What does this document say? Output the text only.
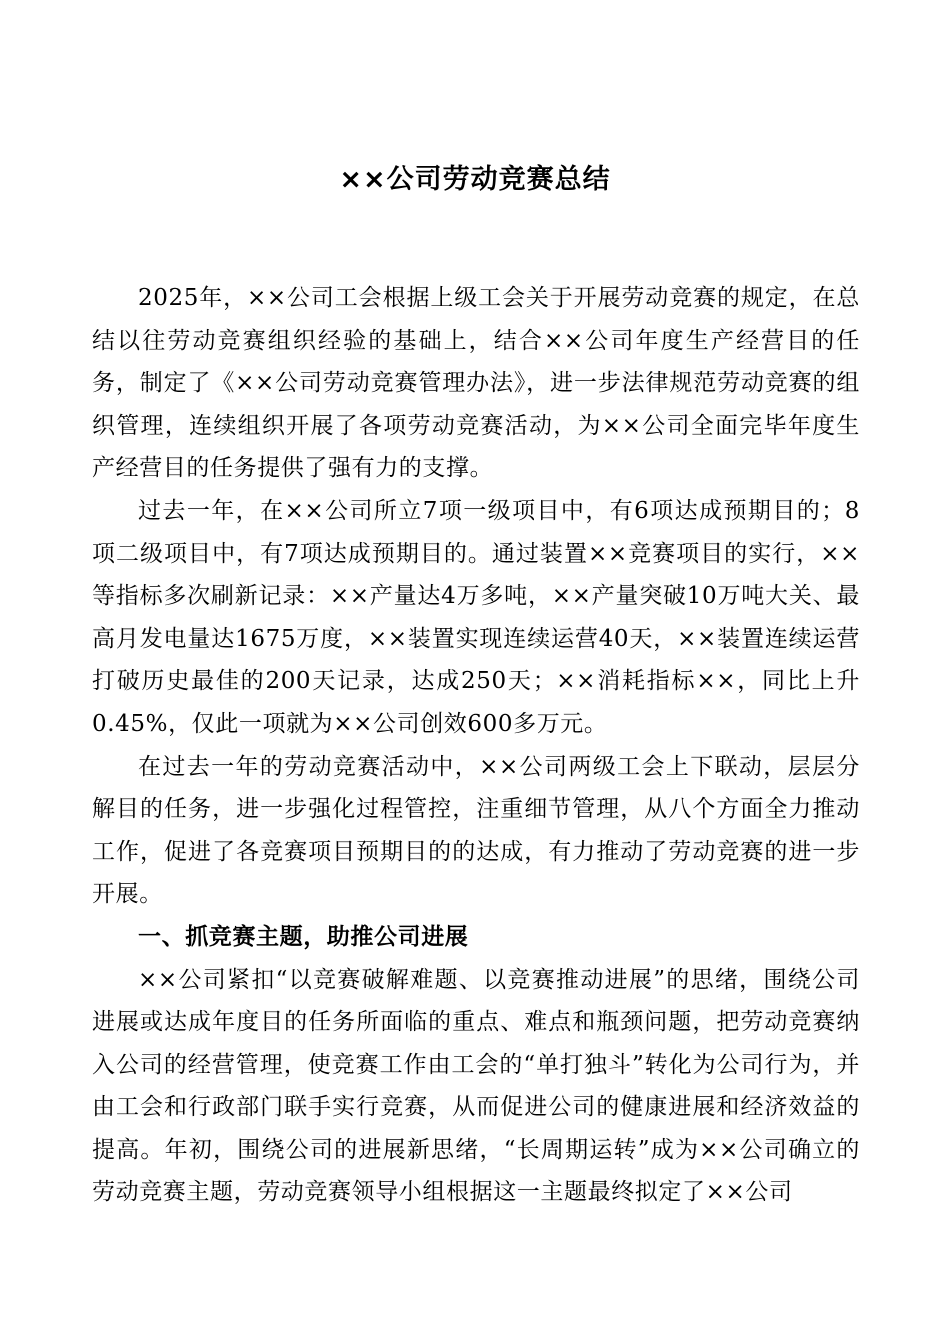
××公司劳动竞赛总结

2025年，××公司工会根据上级工会关于开展劳动竞赛的规定，在总结以往劳动竞赛组织经验的基础上，结合××公司年度生产经营目的任务，制定了《××公司劳动竞赛管理办法》，进一步法律规范劳动竞赛的组织管理，连续组织开展了各项劳动竞赛活动，为××公司全面完毕年度生产经营目的任务提供了强有力的支撑。

过去一年，在××公司所立7项一级项目中，有6项达成预期目的；8项二级项目中，有7项达成预期目的。通过装置××竞赛项目的实行，××等指标多次刷新记录：××产量达4万多吨，××产量突破10万吨大关、最高月发电量达1675万度，××装置实现连续运营40天，××装置连续运营打破历史最佳的200天记录，达成250天；××消耗指标××，同比上升0.45%，仅此一项就为××公司创效600多万元。

在过去一年的劳动竞赛活动中，××公司两级工会上下联动，层层分解目的任务，进一步强化过程管控，注重细节管理，从八个方面全力推动工作，促进了各竞赛项目预期目的的达成，有力推动了劳动竞赛的进一步开展。

一、抓竞赛主题，助推公司进展

××公司紧扣“以竞赛破解难题、以竞赛推动进展”的思绪，围绕公司进展或达成年度目的任务所面临的重点、难点和瓶颈问题，把劳动竞赛纳入公司的经营管理，使竞赛工作由工会的“单打独斗”转化为公司行为，并由工会和行政部门联手实行竞赛，从而促进公司的健康进展和经济效益的提高。年初，围绕公司的进展新思绪，“长周期运转”成为××公司确立的劳动竞赛主题，劳动竞赛领导小组根据这一主题最终拟定了××公司
